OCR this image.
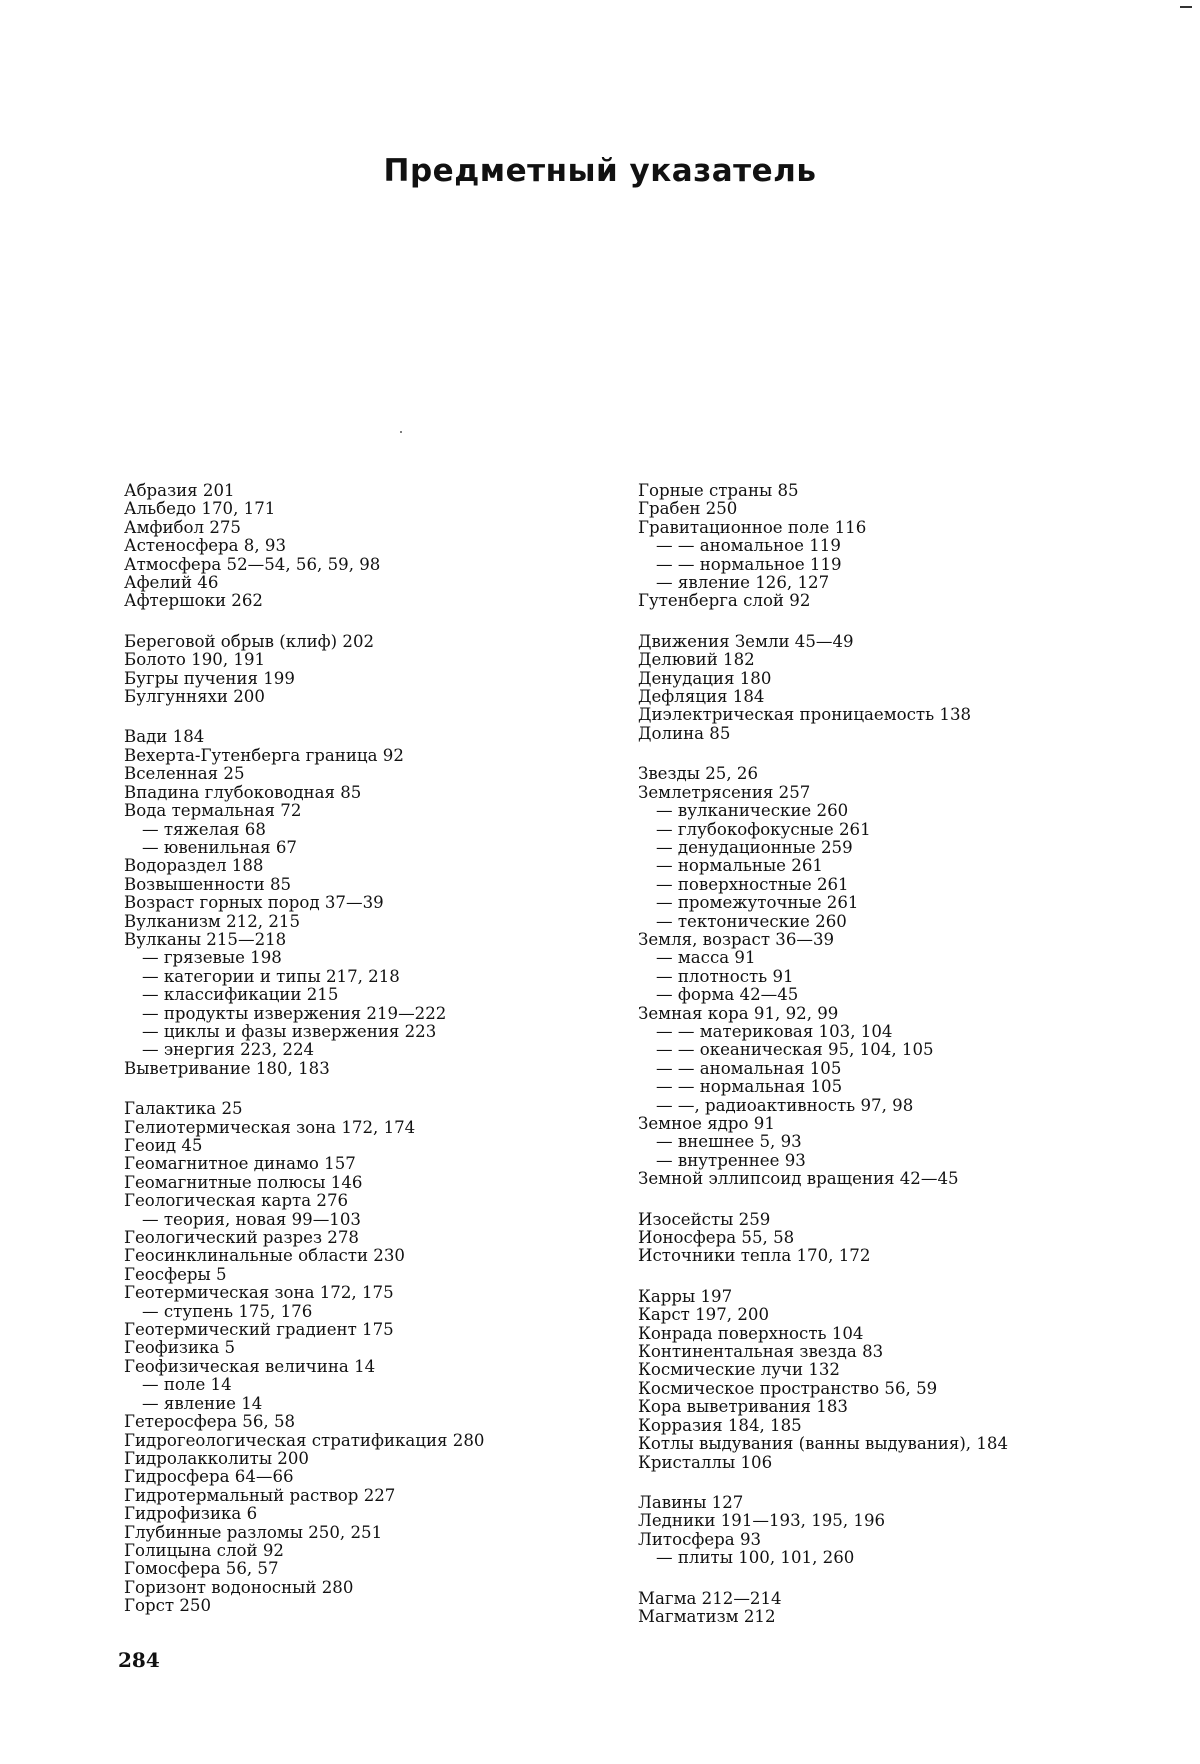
Предметный указатель
Абразия 201
Альбедо 170, 171
Амфибол 275
Астеносфера 8, 93
Атмосфера 52—54, 56, 59, 98
Афелий 46
Афтершоки 262
Береговой обрыв (клиф) 202
Болото 190, 191
Бугры пучения 199
Булгунняхи 200
Вади 184
Вехерта-Гутенберга граница 92
Вселенная 25
Впадина глубоководная 85
Вода термальная 72
— тяжелая 68
— ювенильная 67
Водораздел 188
Возвышенности 85
Возраст горных пород 37—39
Вулканизм 212, 215
Вулканы 215—218
— грязевые 198
— категории и типы 217, 218
— классификации 215
— продукты извержения 219—222
— циклы и фазы извержения 223
— энергия 223, 224
Выветривание 180, 183
Галактика 25
Гелиотермическая зона 172, 174
Геоид 45
Геомагнитное динамо 157
Геомагнитные полюсы 146
Геологическая карта 276
— теория, новая 99—103
Геологический разрез 278
Геосинклинальные области 230
Геосферы 5
Геотермическая зона 172, 175
— ступень 175, 176
Геотермический градиент 175
Геофизика 5
Геофизическая величина 14
— поле 14
— явление 14
Гетеросфера 56, 58
Гидрогеологическая стратификация 280
Гидролакколиты 200
Гидросфера 64—66
Гидротермальный раствор 227
Гидрофизика 6
Глубинные разломы 250, 251
Голицына слой 92
Гомосфера 56, 57
Горизонт водоносный 280
Горст 250
Горные страны 85
Грабен 250
Гравитационное поле 116
— — аномальное 119
— — нормальное 119
— явление 126, 127
Гутенберга слой 92
Движения Земли 45—49
Делювий 182
Денудация 180
Дефляция 184
Диэлектрическая проницаемость 138
Долина 85
Звезды 25, 26
Землетрясения 257
— вулканические 260
— глубокофокусные 261
— денудационные 259
— нормальные 261
— поверхностные 261
— промежуточные 261
— тектонические 260
Земля, возраст 36—39
— масса 91
— плотность 91
— форма 42—45
Земная кора 91, 92, 99
— — материковая 103, 104
— — океаническая 95, 104, 105
— — аномальная 105
— — нормальная 105
— —, радиоактивность 97, 98
Земное ядро 91
— внешнее 5, 93
— внутреннее 93
Земной эллипсоид вращения 42—45
Изосейсты 259
Ионосфера 55, 58
Источники тепла 170, 172
Карры 197
Карст 197, 200
Конрада поверхность 104
Континентальная звезда 83
Космические лучи 132
Космическое пространство 56, 59
Кора выветривания 183
Корразия 184, 185
Котлы выдувания (ванны выдувания), 184
Кристаллы 106
Лавины 127
Ледники 191—193, 195, 196
Литосфера 93
— плиты 100, 101, 260
Магма 212—214
Магматизм 212
284
